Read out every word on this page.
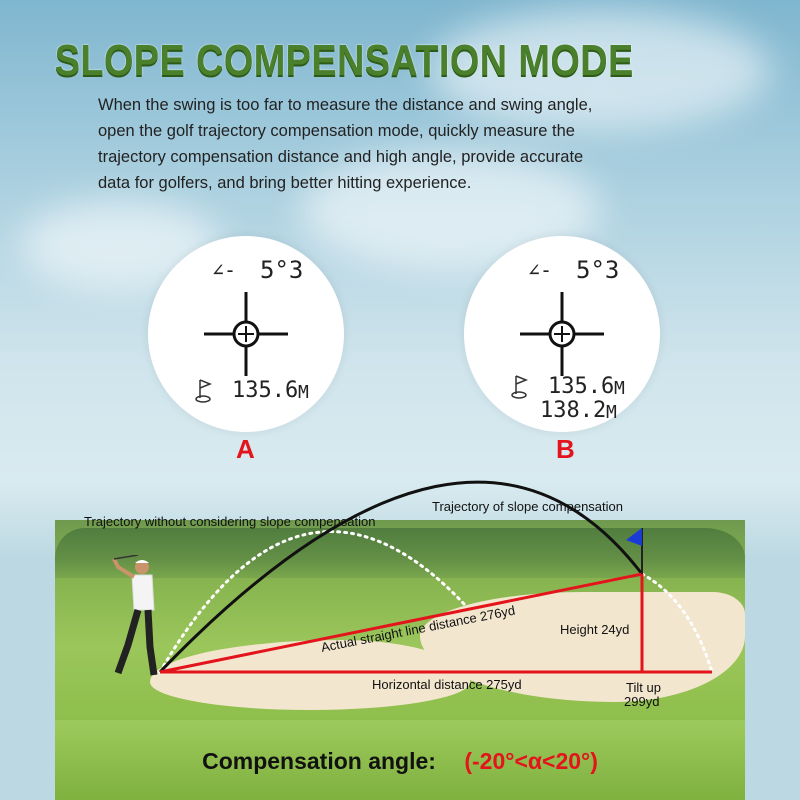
SLOPE COMPENSATION MODE
When the swing is too far to measure the distance and swing angle, open the golf trajectory compensation mode, quickly measure the trajectory compensation distance and high angle, provide accurate data for golfers, and bring better hitting experience.
∠- 5°3
135.6 M
A
∠- 5°3
135.6 M
138.2 M
B
Trajectory without considering slope compensation
Trajectory of slope compensation
Actual straight line distance 276yd	Height 24yd
Horizontal distance 275yd	Tilt up
299yd
Compensation angle: (-20°<α<20°)
